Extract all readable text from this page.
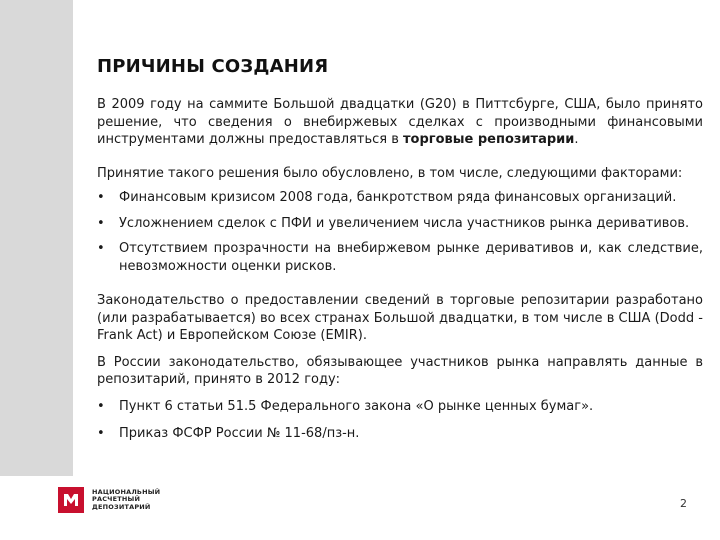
ПРИЧИНЫ СОЗДАНИЯ

В 2009 году на саммите Большой двадцатки (G20) в Питтсбурге, США, было принято решение, что сведения о внебиржевых сделках с производными финансовыми инструментами должны предоставляться в торговые репозитарии.

Принятие такого решения было обусловлено, в том числе, следующими факторами:

• Финансовым кризисом 2008 года, банкротством ряда финансовых организаций.
• Усложнением сделок с ПФИ и увеличением числа участников рынка деривативов.
• Отсутствием прозрачности на внебиржевом рынке деривативов и, как следствие, невозможности оценки рисков.

Законодательство о предоставлении сведений в торговые репозитарии разработано (или разрабатывается) во всех странах Большой двадцатки, в том числе в США (Dodd -Frank Act) и Европейском Союзе (EMIR).

В России законодательство, обязывающее участников рынка направлять данные в репозитарий, принято в 2012 году:

• Пункт 6 статьи 51.5 Федерального закона «О рынке ценных бумаг».
• Приказ ФСФР России № 11-68/пз-н.
НАЦИОНАЛЬНЫЙ
РАСЧЕТНЫЙ
ДЕПОЗИТАРИЙ	2
